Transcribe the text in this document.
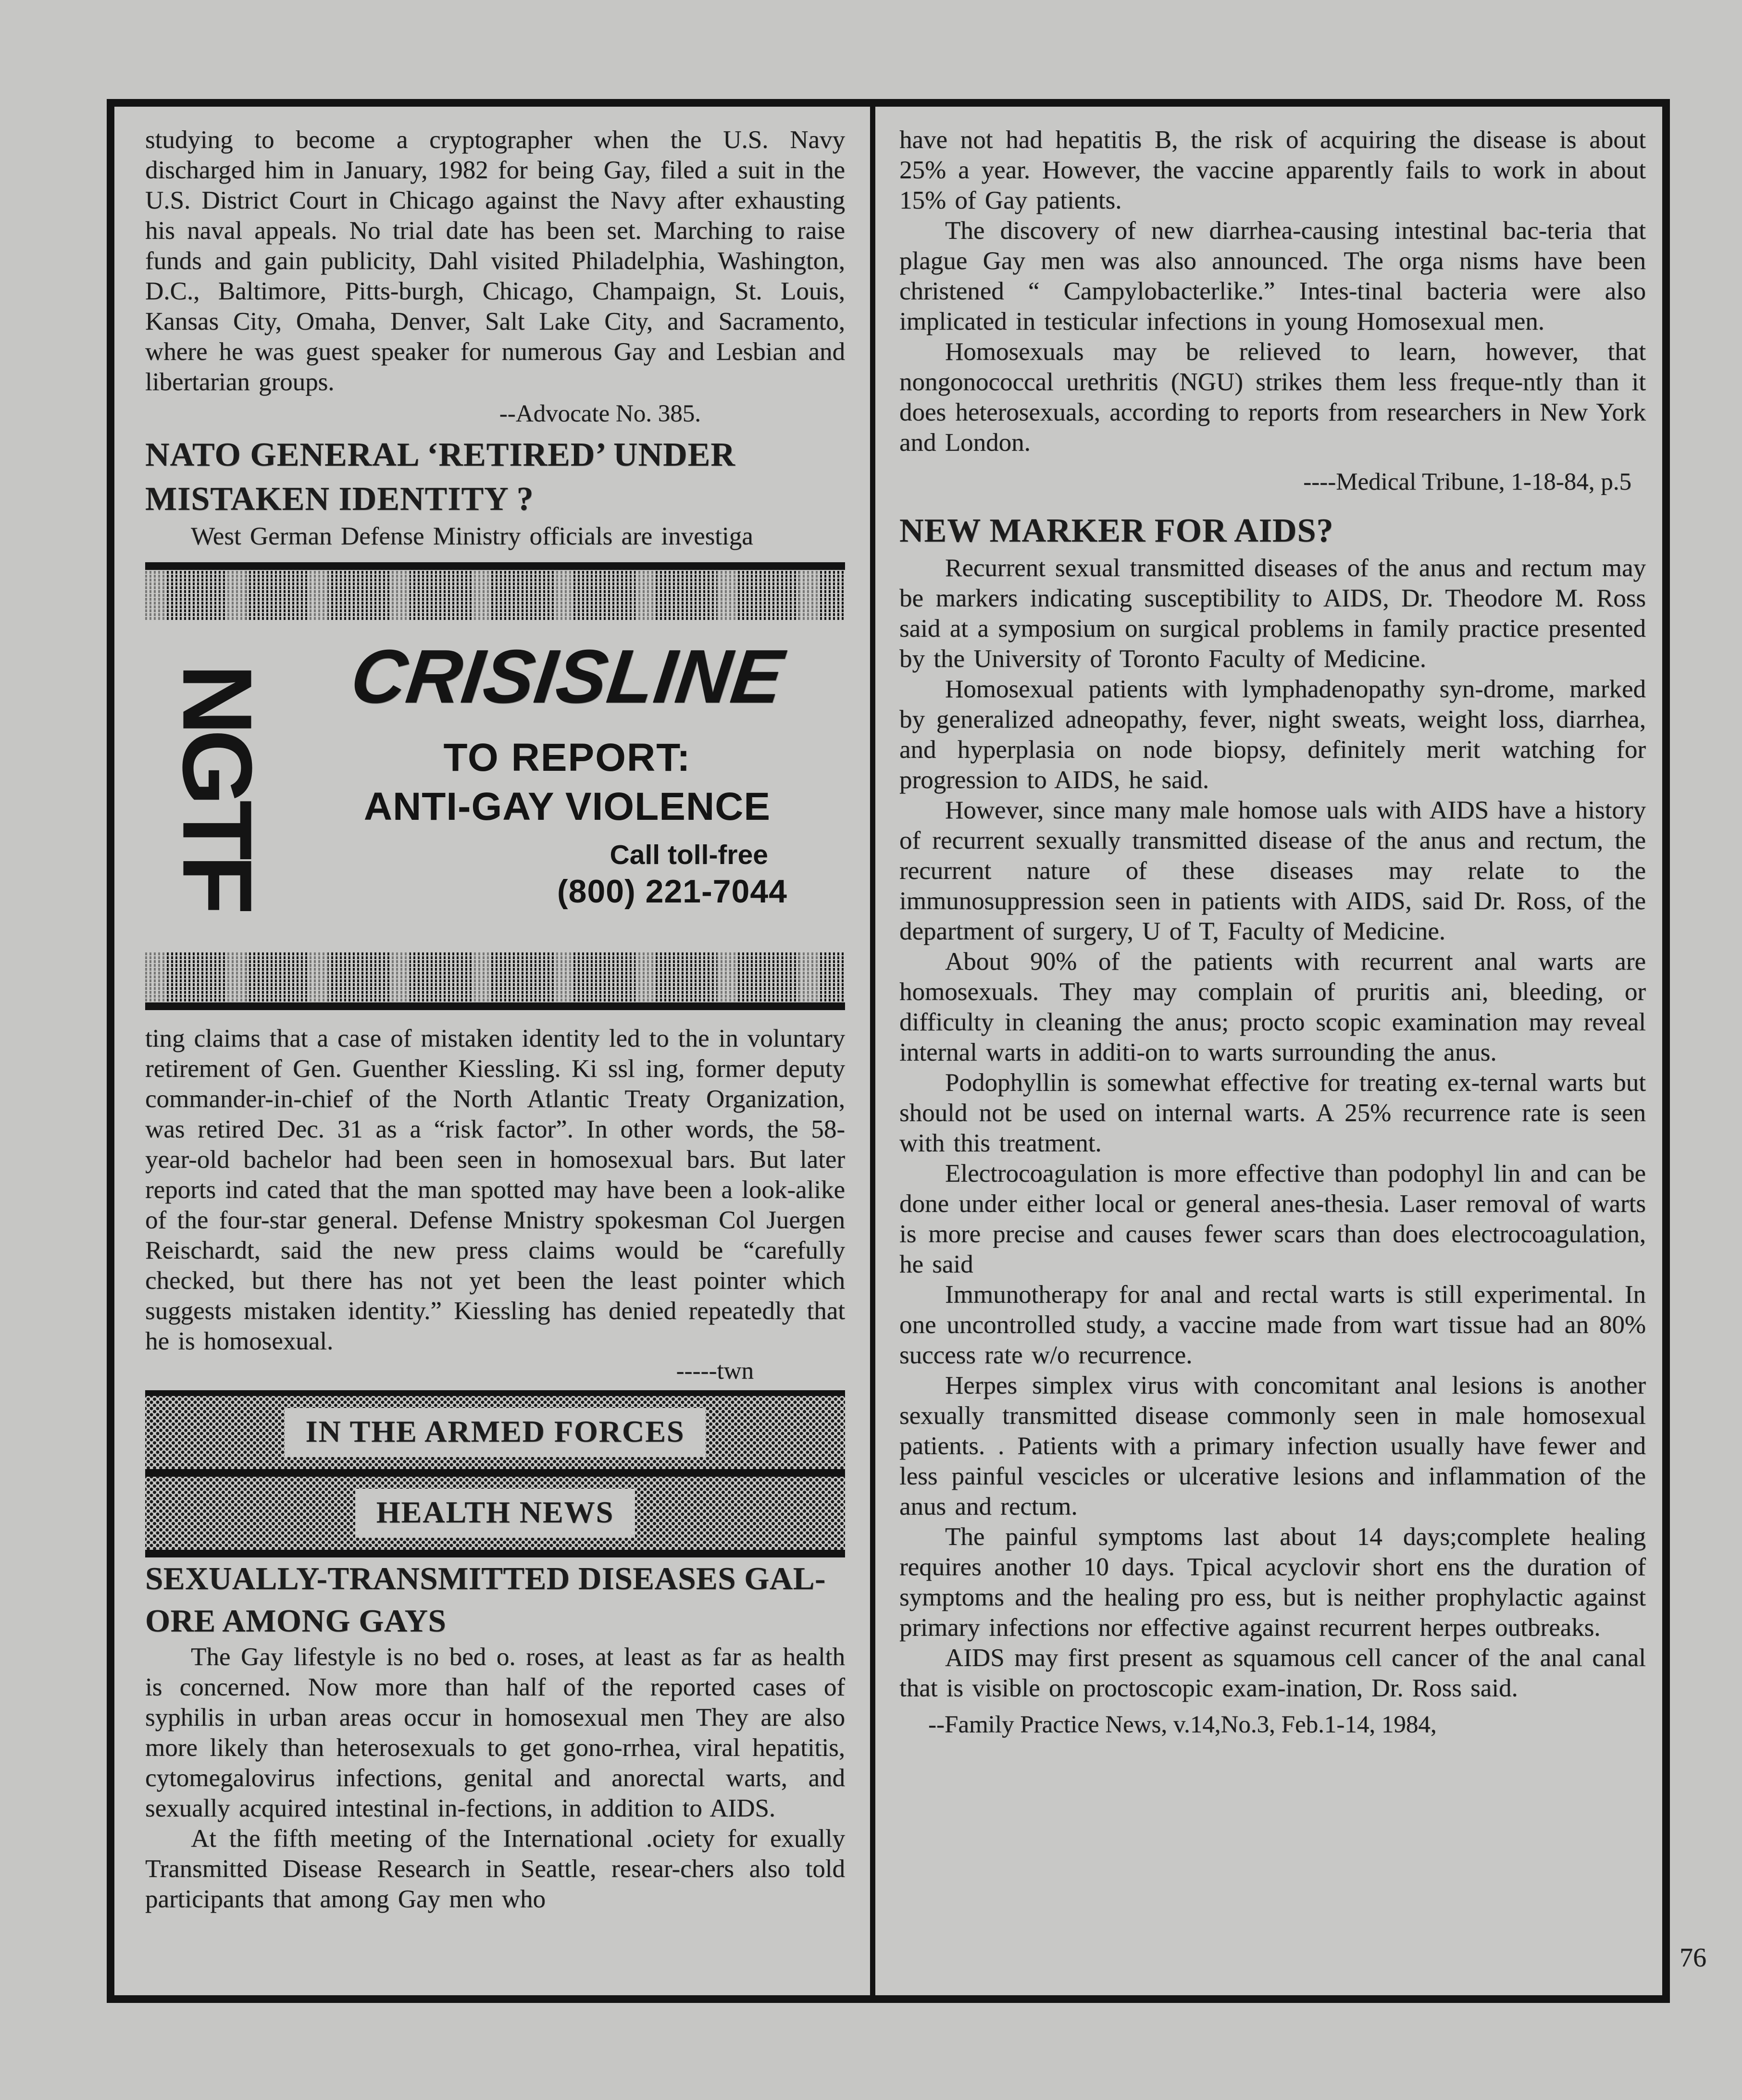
studying to become a cryptographer when the U.S. Navy discharged him in January, 1982 for being Gay, filed a suit in the U.S. District Court in Chicago against the Navy after exhausting his naval appeals. No trial date has been set. Marching to raise funds and gain publicity, Dahl visited Philadelphia, Washington, D.C., Baltimore, Pitts-burgh, Chicago, Champaign, St. Louis, Kansas City, Omaha, Denver, Salt Lake City, and Sacramento, where he was guest speaker for numerous Gay and Lesbian and libertarian groups.

--Advocate No. 385.

NATO GENERAL ‘RETIRED’ UNDER
MISTAKEN IDENTITY ?

West German Defense Ministry officials are investiga

NGTF CRISISLINE
TO REPORT:
ANTI-GAY VIOLENCE
Call toll-free
(800) 221-7044

ting claims that a case of mistaken identity led to the in voluntary retirement of Gen. Guenther Kiessling. Ki ssl ing, former deputy commander-in-chief of the North Atlantic Treaty Organization, was retired Dec. 31 as a “risk factor”. In other words, the 58-year-old bachelor had been seen in homosexual bars. But later reports ind cated that the man spotted may have been a look-alike of the four-star general. Defense Mnistry spokesman Col Juergen Reischardt, said the new press claims would be “carefully checked, but there has not yet been the least pointer which suggests mistaken identity.” Kiessling has denied repeatedly that he is homosexual.

-----twn

IN THE ARMED FORCES
HEALTH NEWS
SEXUALLY-TRANSMITTED DISEASES GAL-
ORE AMONG GAYS

The Gay lifestyle is no bed o. roses, at least as far as health is concerned. Now more than half of the reported cases of syphilis in urban areas occur in homosexual men They are also more likely than heterosexuals to get gono-rrhea, viral hepatitis, cytomegalovirus infections, genital and anorectal warts, and sexually acquired intestinal in-fections, in addition to AIDS.

At the fifth meeting of the International .ociety for exually Transmitted Disease Research in Seattle, resear-chers also told participants that among Gay men who

have not had hepatitis B, the risk of acquiring the disease is about 25% a year. However, the vaccine apparently fails to work in about 15% of Gay patients.

The discovery of new diarrhea-causing intestinal bac-teria that plague Gay men was also announced. The orga nisms have been christened “ Campylobacterlike.” Intes-tinal bacteria were also implicated in testicular infections in young Homosexual men.

Homosexuals may be relieved to learn, however, that nongonococcal urethritis (NGU) strikes them less freque-ntly than it does heterosexuals, according to reports from researchers in New York and London.

----Medical Tribune, 1-18-84, p.5

NEW MARKER FOR AIDS?

Recurrent sexual transmitted diseases of the anus and rectum may be markers indicating susceptibility to AIDS, Dr. Theodore M. Ross said at a symposium on surgical problems in family practice presented by the University of Toronto Faculty of Medicine.

Homosexual patients with lymphadenopathy syn-drome, marked by generalized adneopathy, fever, night sweats, weight loss, diarrhea, and hyperplasia on node biopsy, definitely merit watching for progression to AIDS, he said.

However, since many male homose uals with AIDS have a history of recurrent sexually transmitted disease of the anus and rectum, the recurrent nature of these diseases may relate to the immunosuppression seen in patients with AIDS, said Dr. Ross, of the department of surgery, U of T, Faculty of Medicine.

About 90% of the patients with recurrent anal warts are homosexuals. They may complain of pruritis ani, bleeding, or difficulty in cleaning the anus; procto scopic examination may reveal internal warts in additi-on to warts surrounding the anus.

Podophyllin is somewhat effective for treating ex-ternal warts but should not be used on internal warts. A 25% recurrence rate is seen with this treatment.

Electrocoagulation is more effective than podophyl lin and can be done under either local or general anes-thesia. Laser removal of warts is more precise and causes fewer scars than does electrocoagulation, he said

Immunotherapy for anal and rectal warts is still experimental. In one uncontrolled study, a vaccine made from wart tissue had an 80% success rate w/o recurrence.

Herpes simplex virus with concomitant anal lesions is another sexually transmitted disease commonly seen in male homosexual patients. . Patients with a primary infection usually have fewer and less painful vescicles or ulcerative lesions and inflammation of the anus and rectum.

The painful symptoms last about 14 days;complete healing requires another 10 days. Tpical acyclovir short ens the duration of symptoms and the healing pro ess, but is neither prophylactic against primary infections nor effective against recurrent herpes outbreaks.

AIDS may first present as squamous cell cancer of the anal canal that is visible on proctoscopic exam-ination, Dr. Ross said.

--Family Practice News, v.14,No.3, Feb.1-14, 1984,

76
